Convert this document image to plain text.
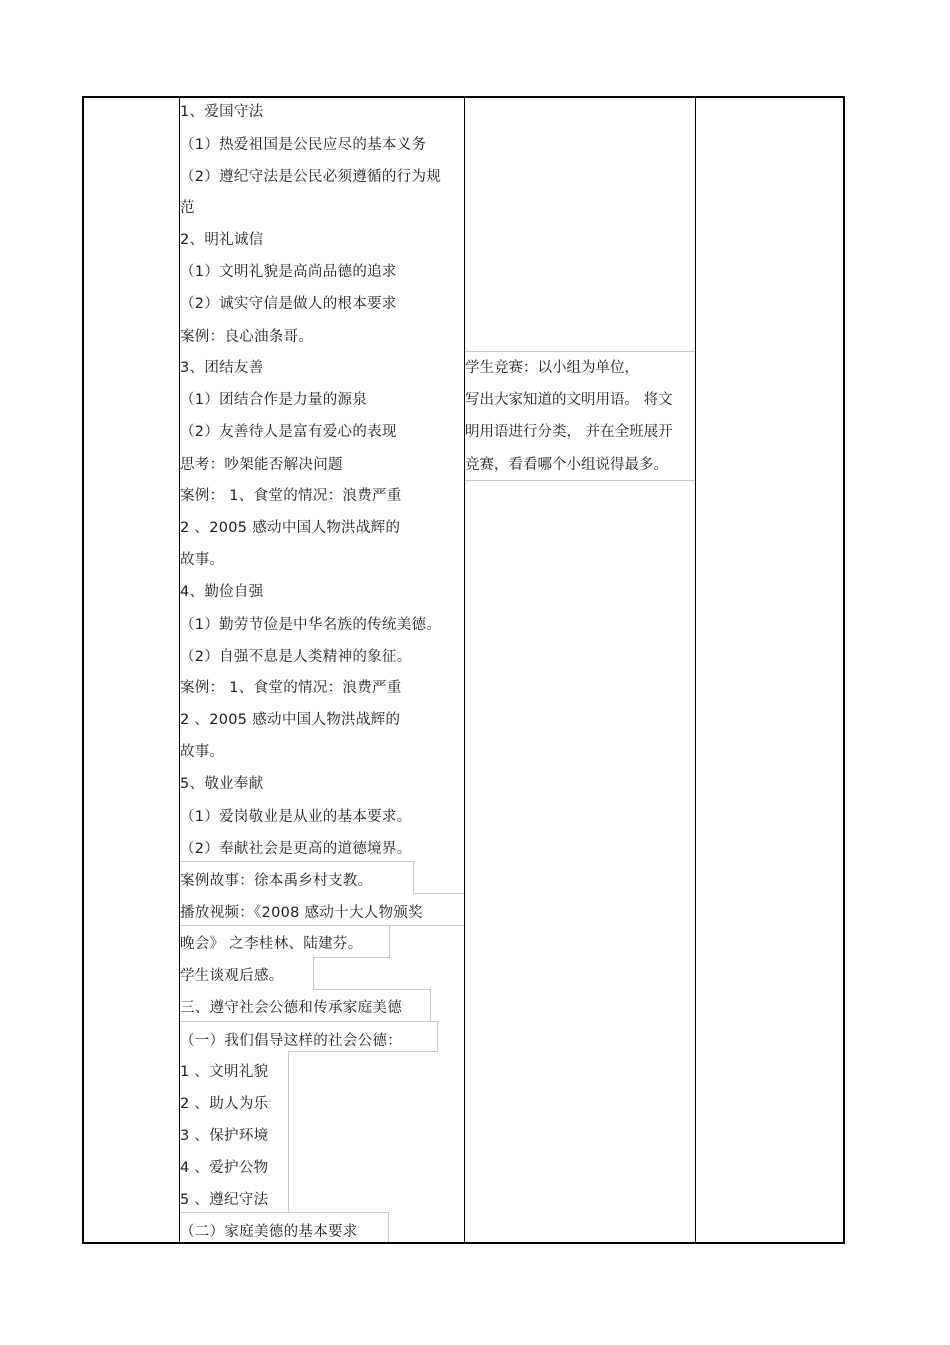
1、爱国守法
（1）热爱祖国是公民应尽的基本义务
（2）遵纪守法是公民必须遵循的行为规
范
2、明礼诚信
（1）文明礼貌是高尚品德的追求
（2）诚实守信是做人的根本要求
案例：良心油条哥。
3、团结友善
（1）团结合作是力量的源泉
（2）友善待人是富有爱心的表现
思考：吵架能否解决问题
案例： 1、食堂的情况：浪费严重
2 、2005 感动中国人物洪战辉的
故事。
4、勤俭自强
（1）勤劳节俭是中华名族的传统美德。
（2）自强不息是人类精神的象征。
案例： 1、食堂的情况：浪费严重
2 、2005 感动中国人物洪战辉的
故事。
5、敬业奉献
（1）爱岗敬业是从业的基本要求。
（2）奉献社会是更高的道德境界。
案例故事：徐本禹乡村支教。
播放视频：《2008 感动十大人物颁奖
晚会》 之李桂林、陆建芬。
学生谈观后感。
三、遵守社会公德和传承家庭美德
（一）我们倡导这样的社会公德：
1 、文明礼貌
2 、助人为乐
3 、保护环境
4 、爱护公物
5 、遵纪守法
（二）家庭美德的基本要求
学生竞赛：以小组为单位，
写出大家知道的文明用语。 将文
明用语进行分类， 并在全班展开
竞赛，看看哪个小组说得最多。
